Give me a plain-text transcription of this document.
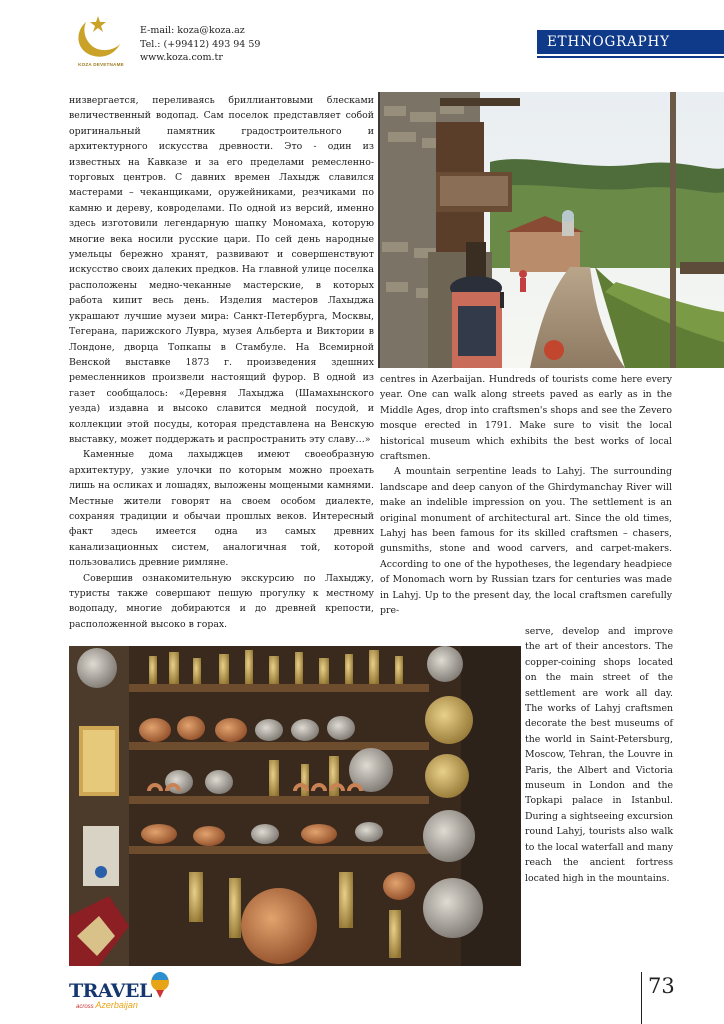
KOZA DEVETNAME
E-mail: koza@koza.az
Tel.: (+99412) 493 94 59
www.koza.com.tr
ETHNOGRAPHY

низвергается, переливаясь бриллиантовыми блесками величественный водопад. Сам поселок представляет собой оригинальный памятник градостроительного и архитектурного искусства древности. Это - один из известных на Кавказе и за его пределами ремесленно-торговых центров. С давних времен Лахыдж славился мастерами – чеканщиками, оружейниками, резчиками по камню и дереву, ковроделами. По одной из версий, именно здесь изготовили легендарную шапку Мономаха, которую многие века носили русские цари. По сей день народные умельцы бережно хранят, развивают и совершенствуют искусство своих далеких предков. На главной улице поселка расположены медно-чеканные мастерские, в которых работа кипит весь день. Изделия мастеров Лахыджа украшают лучшие музеи мира: Санкт-Петербурга, Москвы, Тегерана, парижского Лувра, музея Альберта и Виктории в Лондоне, дворца Топкапы в Стамбуле. На Всемирной Венской выставке 1873 г. произведения здешних ремесленников произвели настоящий фурор. В одной из газет сообщалось: «Деревня Лахыджа (Шамахынского уезда) издавна и высоко славится медной посудой, и коллекции этой посуды, которая представлена на Венскую выставку, может поддержать и распространить эту славу…»

Каменные дома лахыджцев имеют своеобразную архитектуру, узкие улочки по которым можно проехать лишь на осликах и лошадях, выложены мощеными камнями. Местные жители говорят на своем особом диалекте, сохраняя традиции и обычаи прошлых веков. Интересный факт здесь имеется одна из самых древних канализационных систем, аналогичная той, которой пользовались древние римляне.

Совершив ознакомительную экскурсию по Лахыджу, туристы также совершают пешую прогулку к местному водопаду, многие добираются и до древней крепости, расположенной высоко в горах.

centres in Azerbaijan. Hundreds of tourists come here every year. One can walk along streets paved as early as in the Middle Ages, drop into craftsmen's shops and see the Zevero mosque erected in 1791. Make sure to visit the local historical museum which exhibits the best works of local craftsmen.

A mountain serpentine leads to Lahyj. The surrounding landscape and deep canyon of the Ghirdymanchay River will make an indelible impression on you. The settlement is an original monument of architectural art. Since the old times, Lahyj has been famous for its skilled craftsmen – chasers, gunsmiths, stone and wood carvers, and carpet-makers. According to one of the hypotheses, the legendary headpiece of Monomach worn by Russian tzars for centuries was made in Lahyj. Up to the present day, the local craftsmen carefully pre-

serve, develop and improve the art of their ancestors. The copper-coining shops located on the main street of the settlement are work all day. The works of Lahyj craftsmen decorate the best museums of the world in Saint-Petersburg, Moscow, Tehran, the Louvre in Paris, the Albert and Victoria museum in London and the Topkapi palace in Istanbul. During a sightseeing excursion round Lahyj, tourists also walk to the local waterfall and many reach the ancient fortress located high in the mountains.

TRAVEL
across Azerbaijan
73
